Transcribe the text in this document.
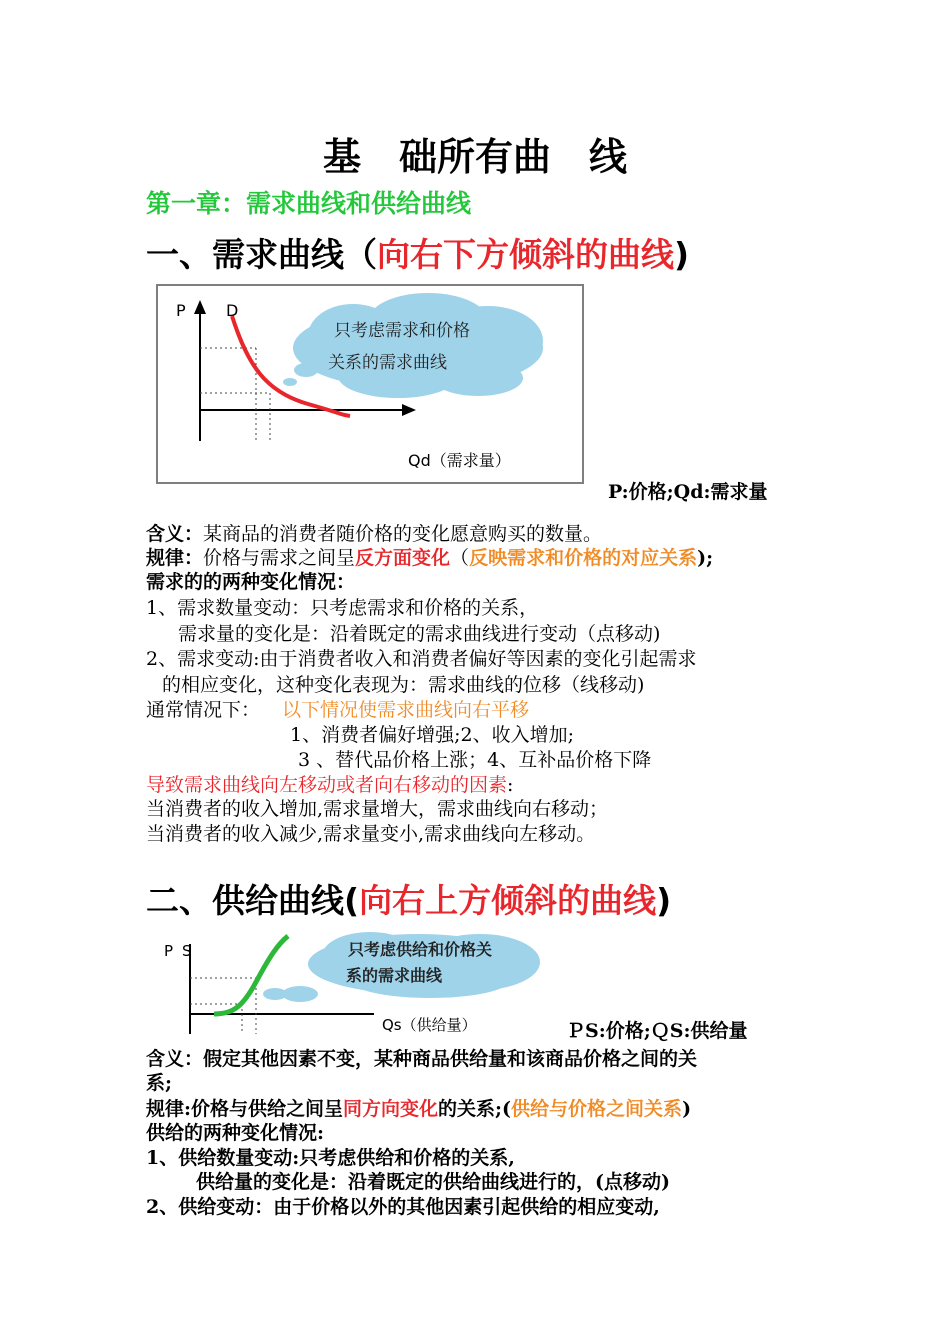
基　础所有曲　线
第一章：需求曲线和供给曲线
一、需求曲线（向右下方倾斜的曲线)
P	D
只考虑需求和价格
关系的需求曲线
Qd（需求量）
P:价格;Qd:需求量
含义：某商品的消费者随价格的变化愿意购买的数量。
规律：价格与需求之间呈反方面变化（反映需求和价格的对应关系);
需求的的两种变化情况：
1、需求数量变动：只考虑需求和价格的关系，
需求量的变化是：沿着既定的需求曲线进行变动（点移动)
2、需求变动:由于消费者收入和消费者偏好等因素的变化引起需求
的相应变化，这种变化表现为：需求曲线的位移（线移动)
通常情况下： 以下情况使需求曲线向右平移
1、消费者偏好增强;2、收入增加;
3 、替代品价格上涨；4、互补品价格下降
导致需求曲线向左移动或者向右移动的因素:
当消费者的收入增加,需求量增大，需求曲线向右移动；
当消费者的收入减少,需求量变小,需求曲线向左移动。
二、供给曲线(向右上方倾斜的曲线)
P S	只考虑供给和价格关
系的需求曲线
Qs（供给量）	ＰS:价格;ＱS:供给量
含义：假定其他因素不变，某种商品供给量和该商品价格之间的关
系;
规律:价格与供给之间呈同方向变化的关系;(供给与价格之间关系)
供给的两种变化情况:
1、供给数量变动:只考虑供给和价格的关系,
供给量的变化是：沿着既定的供给曲线进行的，(点移动)
2、供给变动：由于价格以外的其他因素引起供给的相应变动,
